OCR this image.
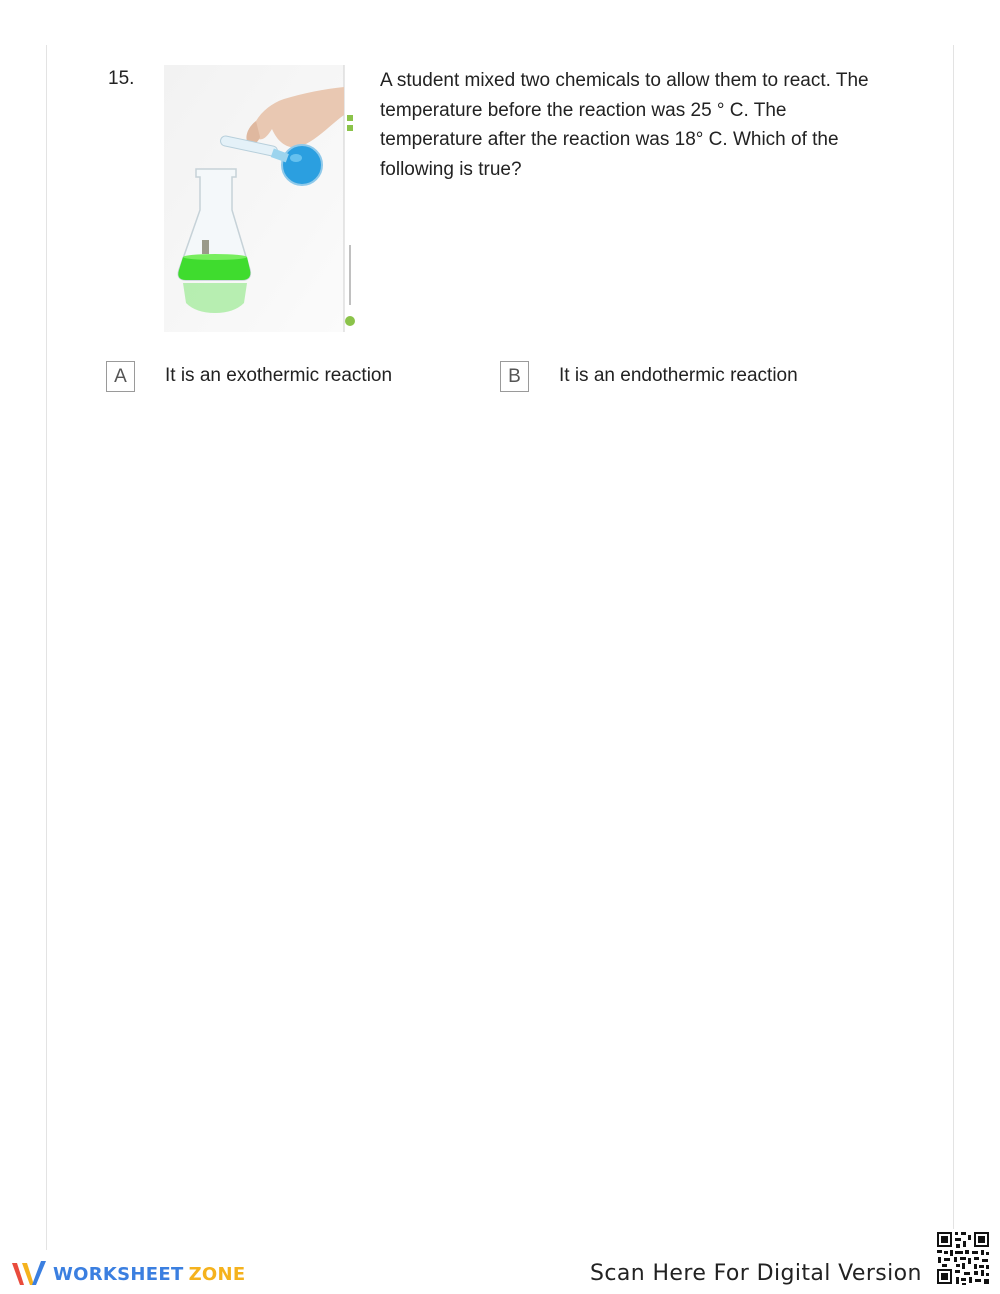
15.	A student mixed two chemicals to allow them to react. The temperature before the reaction was 25 ° C. The temperature after the reaction was 18° C. Which of the following is true?
A	It is an exothermic reaction	B	It is an endothermic reaction
WORKSHEET ZONE	Scan Here For Digital Version
